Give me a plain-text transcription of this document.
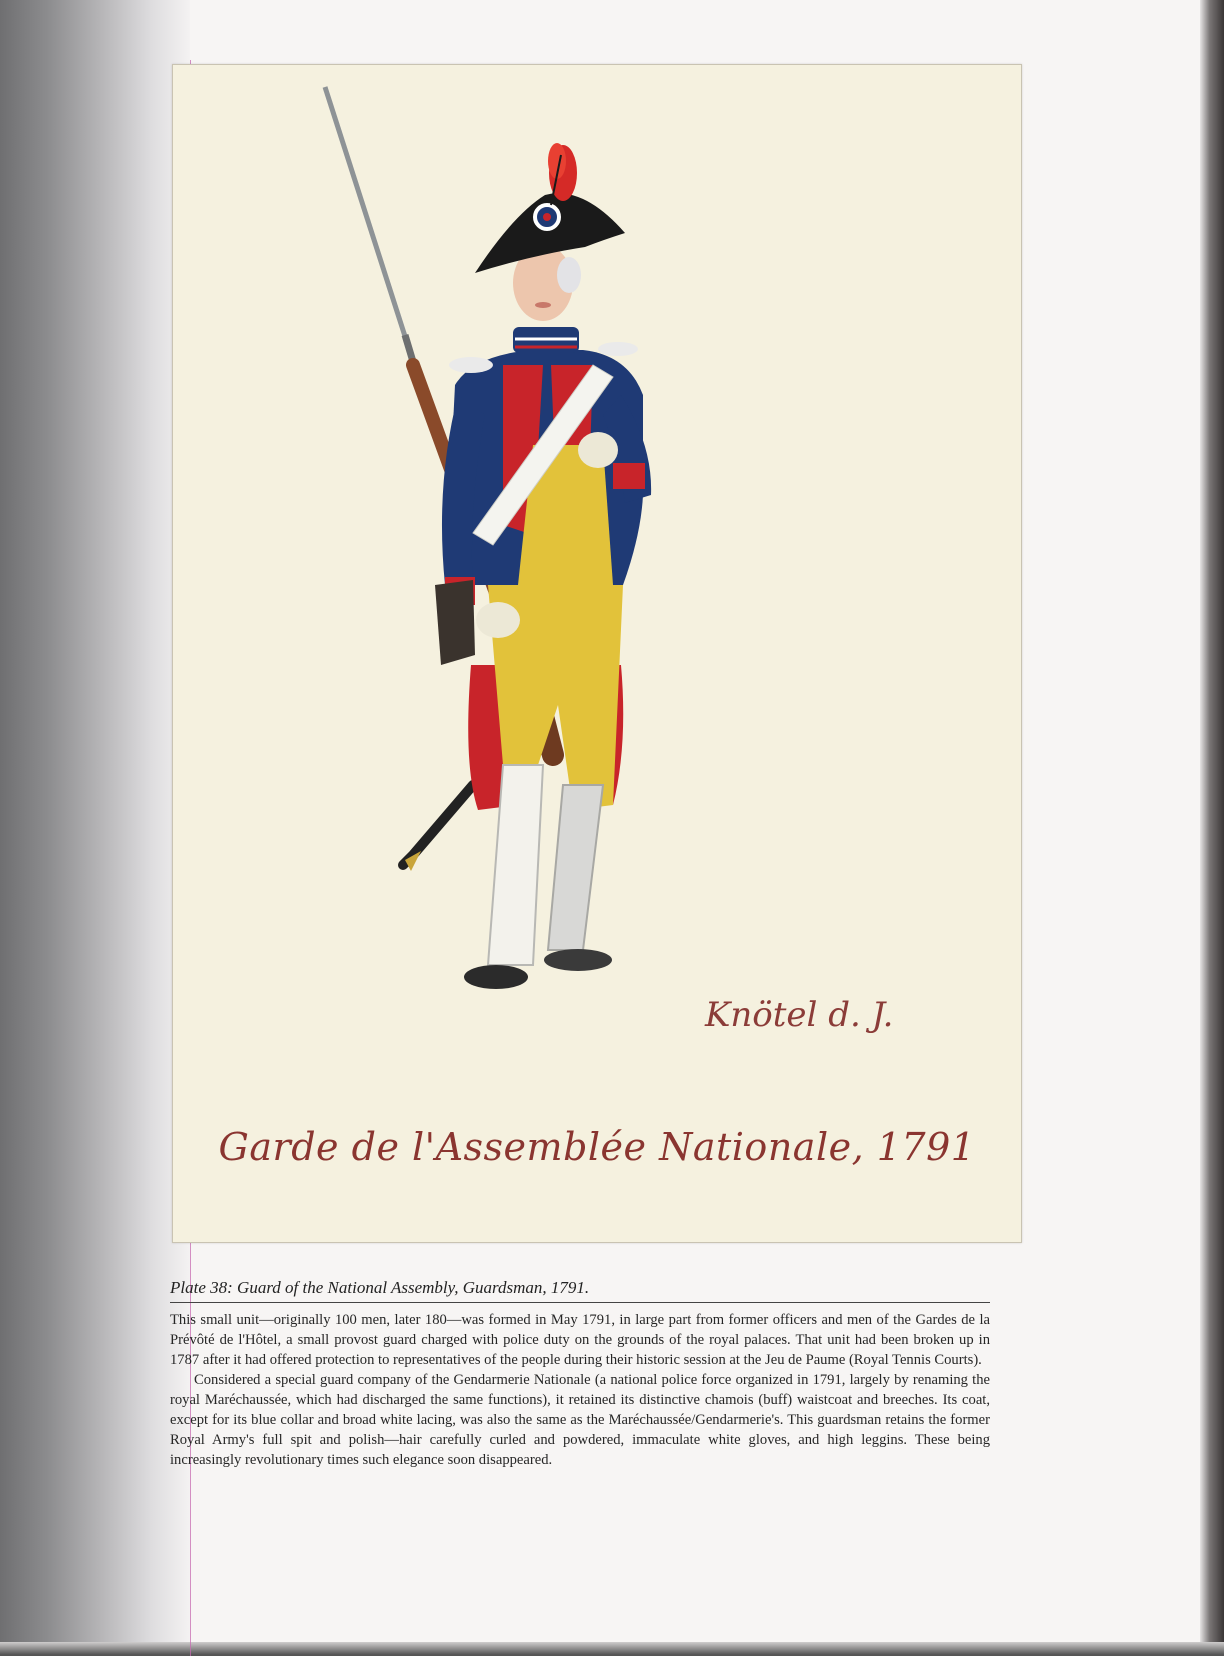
Knötel d. J.
Garde de l'Assemblée Nationale, 1791
Plate 38: Guard of the National Assembly, Guardsman, 1791.

This small unit—originally 100 men, later 180—was formed in May 1791, in large part from former officers and men of the Gardes de la Prévôté de l'Hôtel, a small provost guard charged with police duty on the grounds of the royal palaces. That unit had been broken up in 1787 after it had offered protection to representatives of the people during their historic session at the Jeu de Paume (Royal Tennis Courts).

Considered a special guard company of the Gendarmerie Nationale (a national police force organized in 1791, largely by renaming the royal Maréchaussée, which had discharged the same functions), it retained its distinctive chamois (buff) waistcoat and breeches. Its coat, except for its blue collar and broad white lacing, was also the same as the Maréchaussée/Gendarmerie's. This guardsman retains the former Royal Army's full spit and polish—hair carefully curled and powdered, immaculate white gloves, and high leggins. These being increasingly revolutionary times such elegance soon disappeared.
